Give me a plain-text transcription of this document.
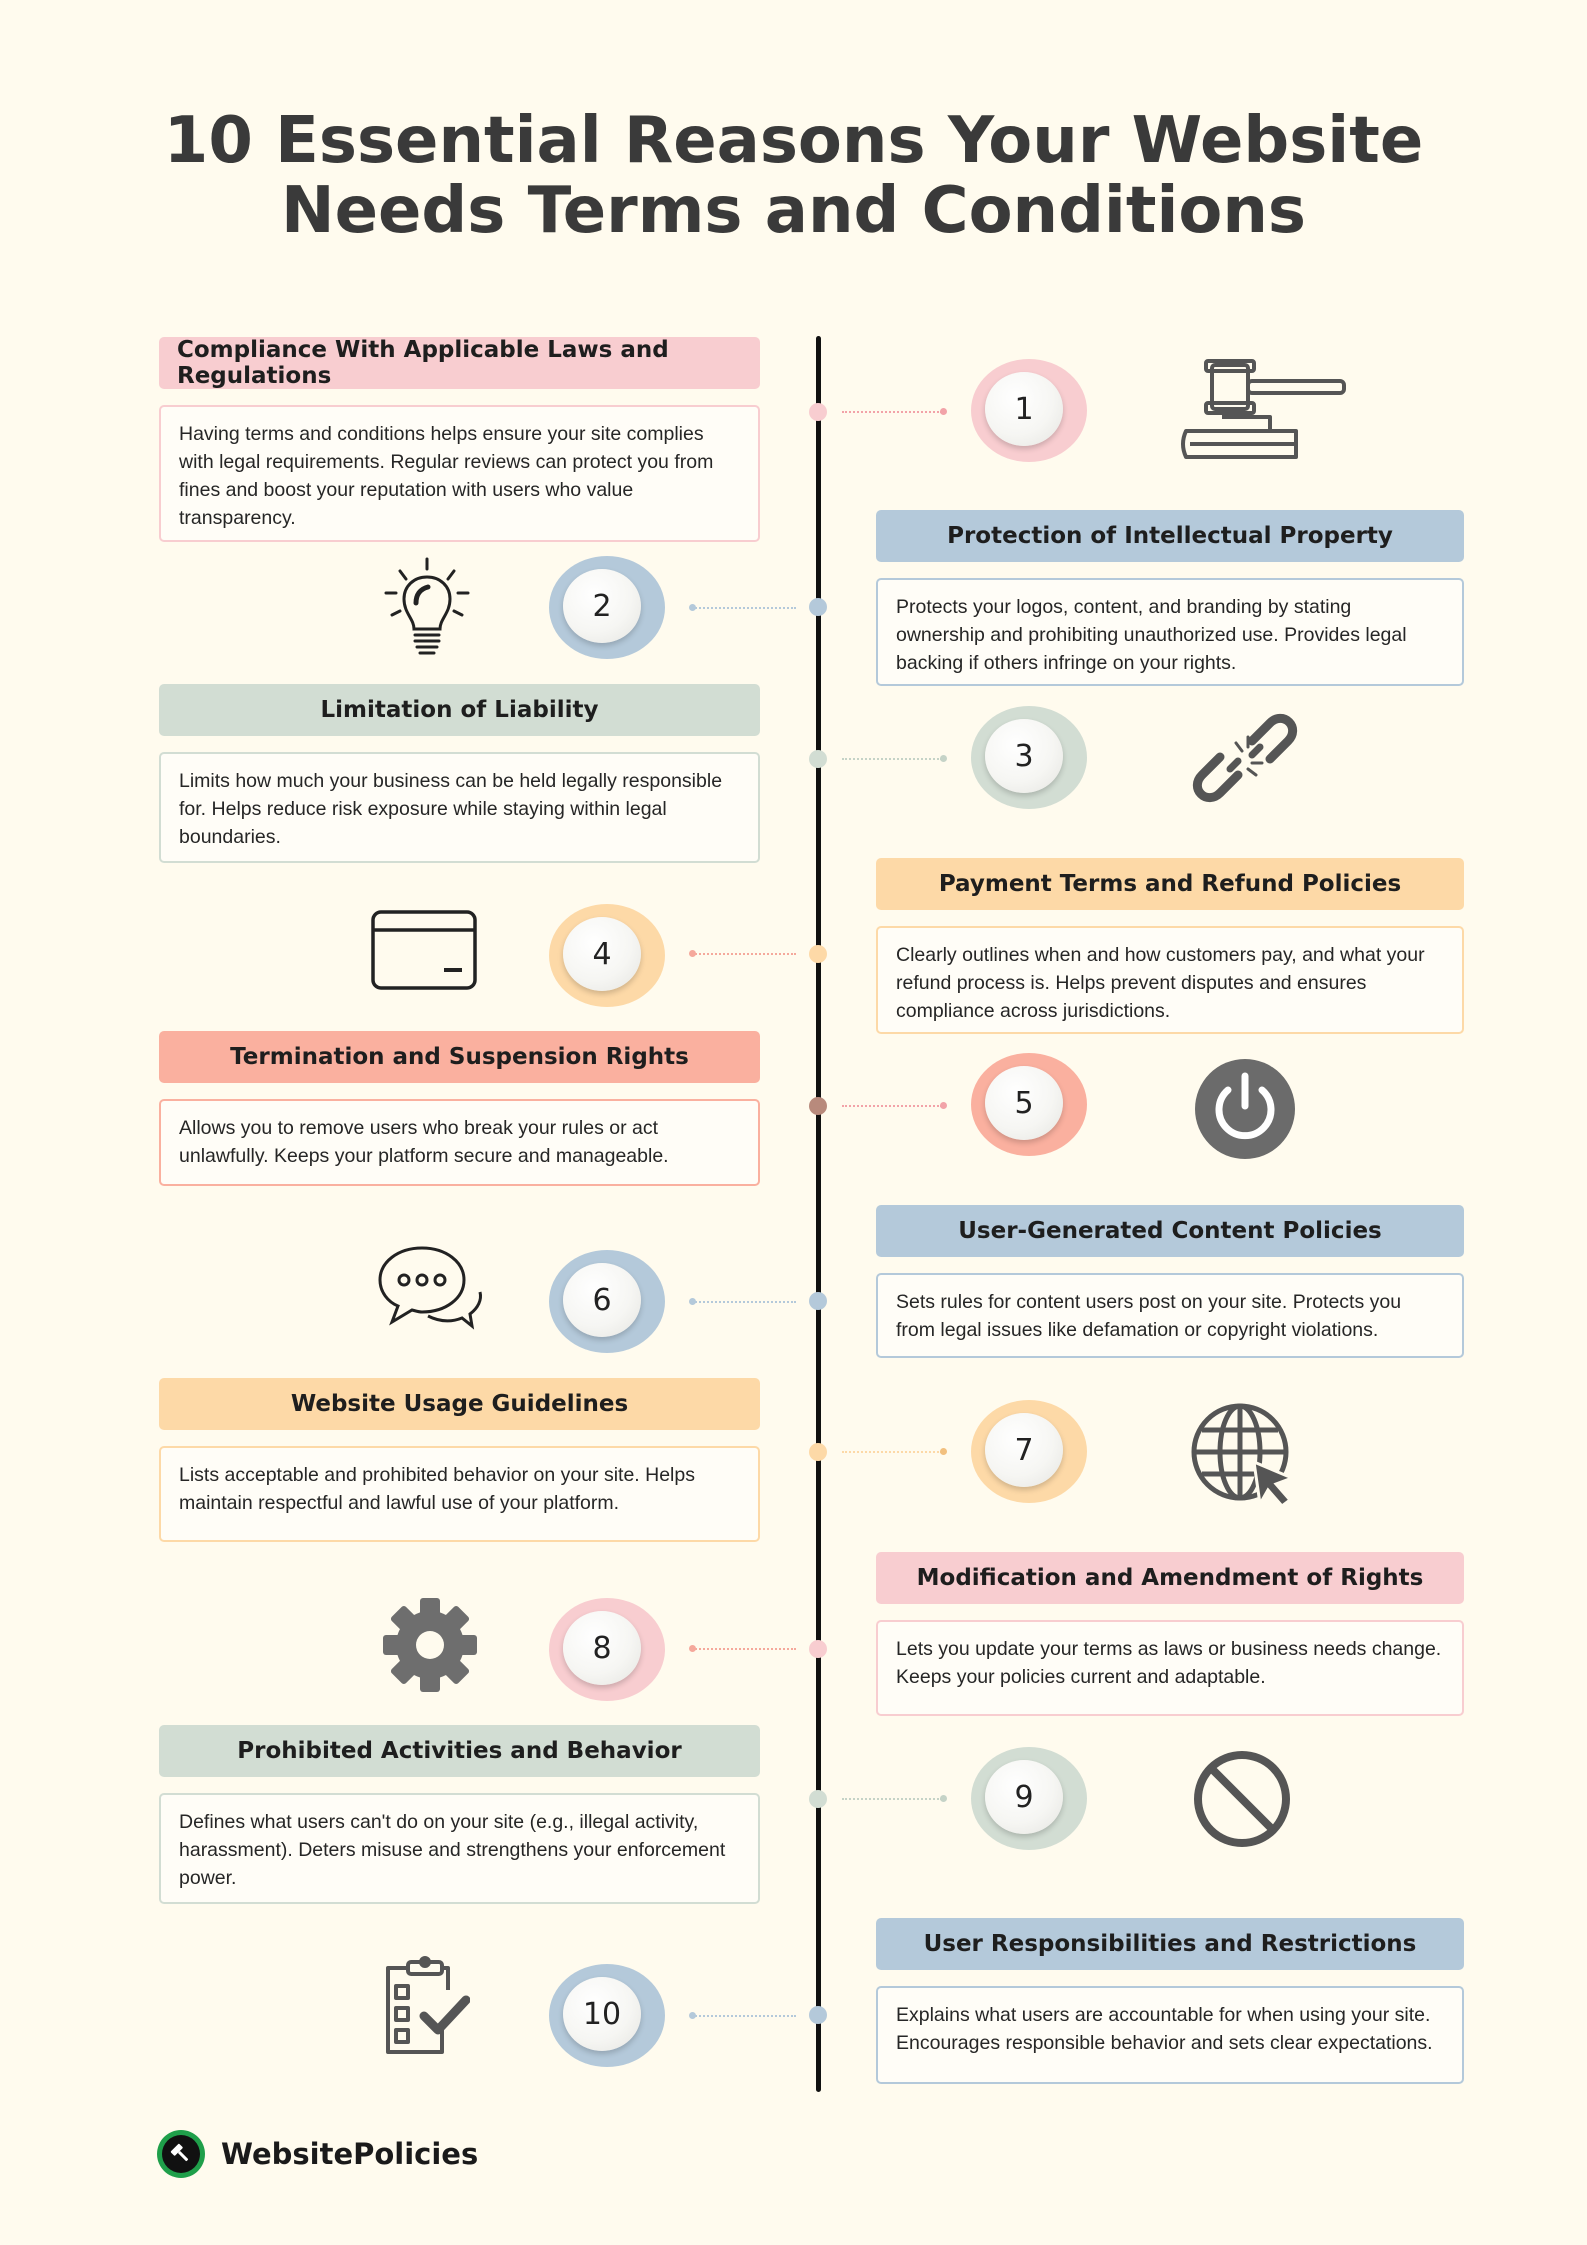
10 Essential Reasons Your Website
Needs Terms and Conditions
Compliance With Applicable Laws and Regulations
Having terms and conditions helps ensure your site complies with legal requirements. Regular reviews can protect you from fines and boost your reputation with users who value transparency.
1
Protection of Intellectual Property
Protects your logos, content, and branding by stating ownership and prohibiting unauthorized use. Provides legal backing if others infringe on your rights.
2
Limitation of Liability
Limits how much your business can be held legally responsible for. Helps reduce risk exposure while staying within legal boundaries.
3
Payment Terms and Refund Policies
Clearly outlines when and how customers pay, and what your refund process is. Helps prevent disputes and ensures compliance across jurisdictions.
4
Termination and Suspension Rights
Allows you to remove users who break your rules or act unlawfully. Keeps your platform secure and manageable.
5
User-Generated Content Policies
Sets rules for content users post on your site. Protects you from legal issues like defamation or copyright violations.
6
Website Usage Guidelines
Lists acceptable and prohibited behavior on your site. Helps maintain respectful and lawful use of your platform.
7
Modification and Amendment of Rights
Lets you update your terms as laws or business needs change. Keeps your policies current and adaptable.
8
Prohibited Activities and Behavior
Defines what users can't do on your site (e.g., illegal activity, harassment). Deters misuse and strengthens your enforcement power.
9
User Responsibilities and Restrictions
Explains what users are accountable for when using your site. Encourages responsible behavior and sets clear expectations.
10
WebsitePolicies
